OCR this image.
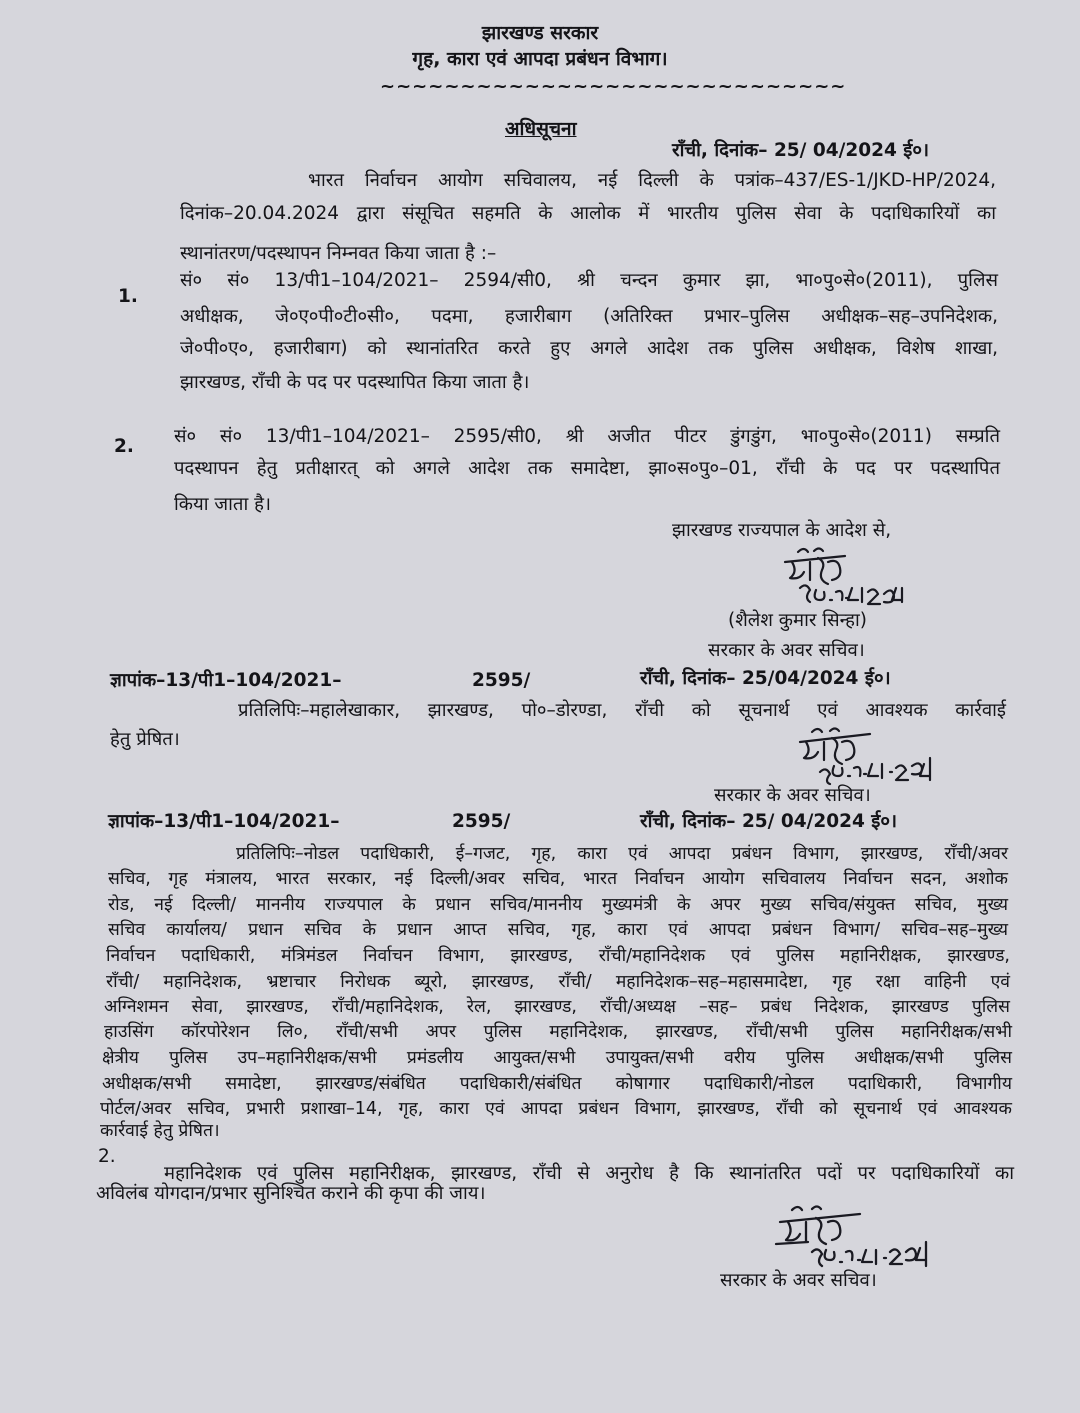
झारखण्ड सरकार
गृह, कारा एवं आपदा प्रबंधन विभाग।
~~~~~~~~~~~~~~~~~~~~~~~~~~~~~
अधिसूचना
राँची, दिनांक– 25/ 04/2024 ई०।
भारत निर्वाचन आयोग सचिवालय, नई दिल्ली के पत्रांक–437/ES-1/JKD-HP/2024,
दिनांक–20.04.2024 द्वारा संसूचित सहमति के आलोक में भारतीय पुलिस सेवा के पदाधिकारियों का
स्थानांतरण/पदस्थापन निम्नवत किया जाता है :–
1.
सं० सं० 13/पी1–104/2021– 2594/सी0, श्री चन्दन कुमार झा, भा०पु०से०(2011), पुलिस
अधीक्षक, जे०ए०पी०टी०सी०, पदमा, हजारीबाग (अतिरिक्त प्रभार–पुलिस अधीक्षक–सह–उपनिदेशक,
जे०पी०ए०, हजारीबाग) को स्थानांतरित करते हुए अगले आदेश तक पुलिस अधीक्षक, विशेष शाखा,
झारखण्ड, राँची के पद पर पदस्थापित किया जाता है।
2. सं० सं० 13/पी1–104/2021– 2595/सी0, श्री अजीत पीटर डुंगडुंग, भा०पु०से०(2011) सम्प्रति
पदस्थापन हेतु प्रतीक्षारत् को अगले आदेश तक समादेष्टा, झा०स०पु०–01, राँची के पद पर पदस्थापित
किया जाता है।
झारखण्ड राज्यपाल के आदेश से,
(शैलेश कुमार सिन्हा)
सरकार के अवर सचिव।
ज्ञापांक–13/पी1–104/2021–	2595/	राँची, दिनांक– 25/04/2024 ई०।
प्रतिलिपिः–महालेखाकार, झारखण्ड, पो०–डोरण्डा, राँची को सूचनार्थ एवं आवश्यक कार्रवाई
हेतु प्रेषित।
सरकार के अवर सचिव।
ज्ञापांक–13/पी1–104/2021–	2595/	राँची, दिनांक– 25/ 04/2024 ई०।
प्रतिलिपिः–नोडल पदाधिकारी, ई–गजट, गृह, कारा एवं आपदा प्रबंधन विभाग, झारखण्ड, राँची/अवर
सचिव, गृह मंत्रालय, भारत सरकार, नई दिल्ली/अवर सचिव, भारत निर्वाचन आयोग सचिवालय निर्वाचन सदन, अशोक
रोड, नई दिल्ली/ माननीय राज्यपाल के प्रधान सचिव/माननीय मुख्यमंत्री के अपर मुख्य सचिव/संयुक्त सचिव, मुख्य
सचिव कार्यालय/ प्रधान सचिव के प्रधान आप्त सचिव, गृह, कारा एवं आपदा प्रबंधन विभाग/ सचिव–सह–मुख्य
निर्वाचन पदाधिकारी, मंत्रिमंडल निर्वाचन विभाग, झारखण्ड, राँची/महानिदेशक एवं पुलिस महानिरीक्षक, झारखण्ड,
राँची/ महानिदेशक, भ्रष्टाचार निरोधक ब्यूरो, झारखण्ड, राँची/ महानिदेशक–सह–महासमादेष्टा, गृह रक्षा वाहिनी एवं
अग्निशमन सेवा, झारखण्ड, राँची/महानिदेशक, रेल, झारखण्ड, राँची/अध्यक्ष –सह– प्रबंध निदेशक, झारखण्ड पुलिस
हाउसिंग कॉरपोरेशन लि०, राँची/सभी अपर पुलिस महानिदेशक, झारखण्ड, राँची/सभी पुलिस महानिरीक्षक/सभी
क्षेत्रीय पुलिस उप–महानिरीक्षक/सभी प्रमंडलीय आयुक्त/सभी उपायुक्त/सभी वरीय पुलिस अधीक्षक/सभी पुलिस
अधीक्षक/सभी समादेष्टा, झारखण्ड/संबंधित पदाधिकारी/संबंधित कोषागार पदाधिकारी/नोडल पदाधिकारी, विभागीय
पोर्टल/अवर सचिव, प्रभारी प्रशाखा–14, गृह, कारा एवं आपदा प्रबंधन विभाग, झारखण्ड, राँची को सूचनार्थ एवं आवश्यक
कार्रवाई हेतु प्रेषित।
2.
महानिदेशक एवं पुलिस महानिरीक्षक, झारखण्ड, राँची से अनुरोध है कि स्थानांतरित पदों पर पदाधिकारियों का
अविलंब योगदान/प्रभार सुनिश्चित कराने की कृपा की जाय।
सरकार के अवर सचिव।
